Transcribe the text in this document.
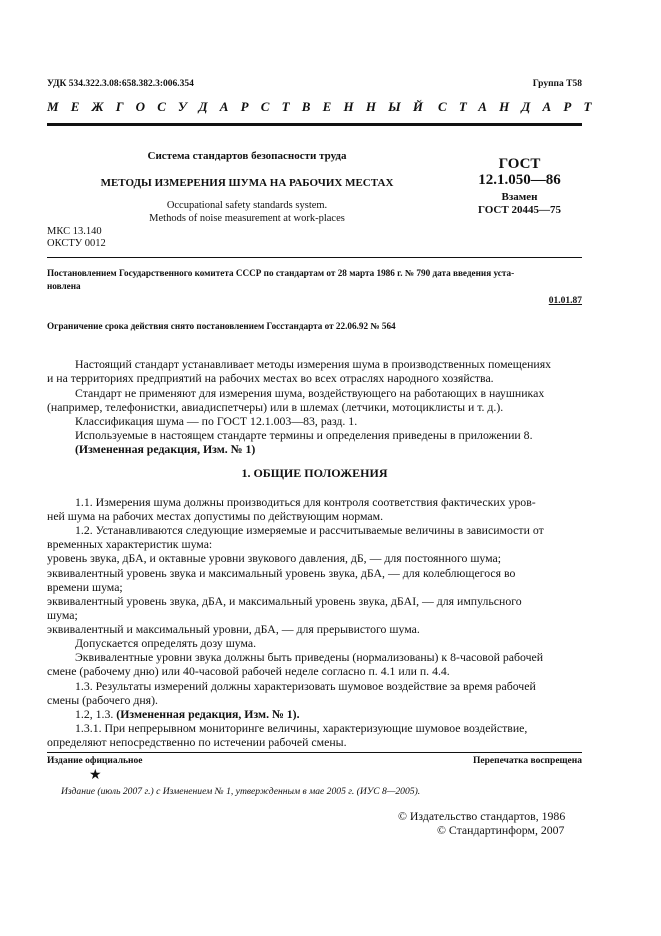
УДК 534.322.3.08:658.382.3:006.354	Группа Т58
МЕЖГОСУДАРСТВЕННЫЙ СТАНДАРТ
Система стандартов безопасности труда
МЕТОДЫ ИЗМЕРЕНИЯ ШУМА НА РАБОЧИХ МЕСТАХ
Occupational safety standards system.
Methods of noise measurement at work-places
МКС 13.140
ОКСТУ 0012
ГОСТ
12.1.050—86
Взамен
ГОСТ 20445—75
Постановлением Государственного комитета СССР по стандартам от 28 марта 1986 г. № 790 дата введения уста-
новлена
01.01.87
Ограничение срока действия снято постановлением Госстандарта от 22.06.92 № 564
Настоящий стандарт устанавливает методы измерения шума в производственных помещениях
и на территориях предприятий на рабочих местах во всех отраслях народного хозяйства.
Стандарт не применяют для измерения шума, воздействующего на работающих в наушниках
(например, телефонистки, авиадиспетчеры) или в шлемах (летчики, мотоциклисты и т. д.).
Классификация шума — по ГОСТ 12.1.003—83, разд. 1.
Используемые в настоящем стандарте термины и определения приведены в приложении 8.
(Измененная редакция, Изм. № 1)
1. ОБЩИЕ ПОЛОЖЕНИЯ
1.1. Измерения шума должны производиться для контроля соответствия фактических уров-
ней шума на рабочих местах допустимы по действующим нормам.
1.2. Устанавливаются следующие измеряемые и рассчитываемые величины в зависимости от
временных характеристик шума:
уровень звука, дБА, и октавные уровни звукового давления, дБ, — для постоянного шума;
эквивалентный уровень звука и максимальный уровень звука, дБА, — для колеблющегося во
времени шума;
эквивалентный уровень звука, дБА, и максимальный уровень звука, дБAI, — для импульсного
шума;
эквивалентный и максимальный уровни, дБА, — для прерывистого шума.
Допускается определять дозу шума.
Эквивалентные уровни звука должны быть приведены (нормализованы) к 8-часовой рабочей
смене (рабочему дню) или 40-часовой рабочей неделе согласно п. 4.1 или п. 4.4.
1.3. Результаты измерений должны характеризовать шумовое воздействие за время рабочей
смены (рабочего дня).
1.2, 1.3. (Измененная редакция, Изм. № 1).
1.3.1. При непрерывном мониторинге величины, характеризующие шумовое воздействие,
определяют непосредственно по истечении рабочей смены.
Издание официальное	Перепечатка воспрещена
★
Издание (июль 2007 г.) с Изменением № 1, утвержденным в мае 2005 г. (ИУС 8—2005).
© Издательство стандартов, 1986
© Стандартинформ, 2007
